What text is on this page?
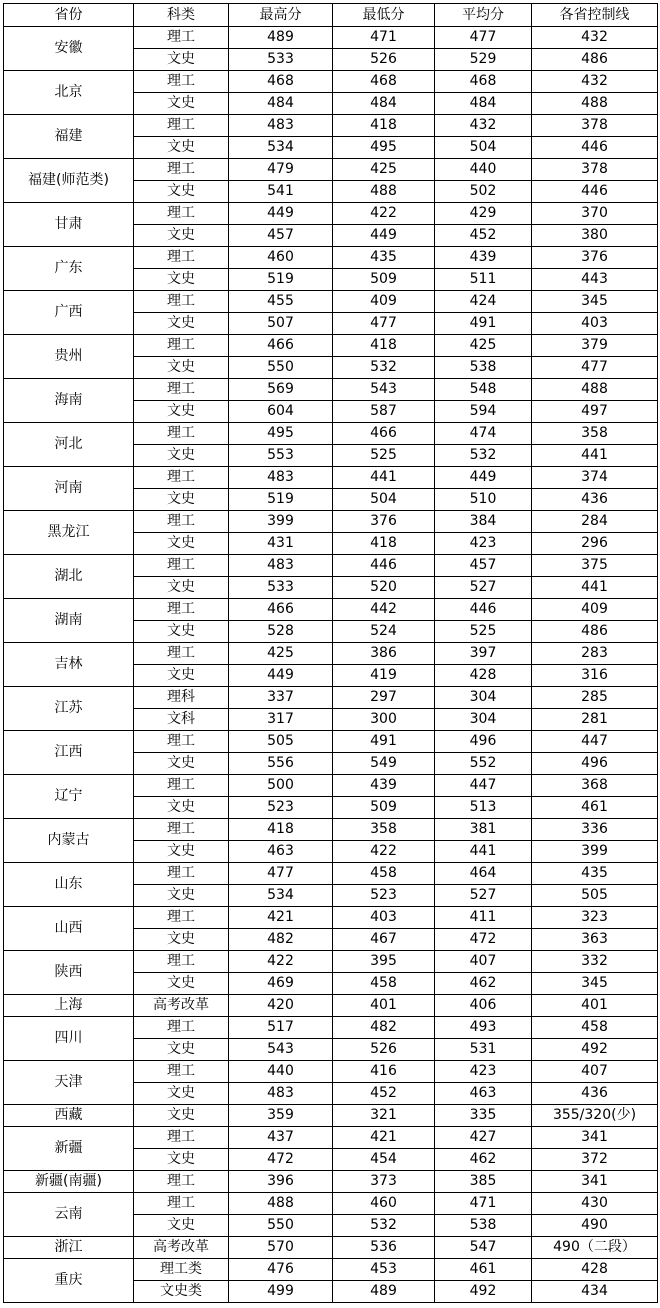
省份	科类	最高分	最低分	平均分	各省控制线
安徽	理工	489	471	477	432
	文史	533	526	529	486
北京	理工	468	468	468	432
	文史	484	484	484	488
福建	理工	483	418	432	378
	文史	534	495	504	446
福建(师范类)	理工	479	425	440	378
	文史	541	488	502	446
甘肃	理工	449	422	429	370
	文史	457	449	452	380
广东	理工	460	435	439	376
	文史	519	509	511	443
广西	理工	455	409	424	345
	文史	507	477	491	403
贵州	理工	466	418	425	379
	文史	550	532	538	477
海南	理工	569	543	548	488
	文史	604	587	594	497
河北	理工	495	466	474	358
	文史	553	525	532	441
河南	理工	483	441	449	374
	文史	519	504	510	436
黑龙江	理工	399	376	384	284
	文史	431	418	423	296
湖北	理工	483	446	457	375
	文史	533	520	527	441
湖南	理工	466	442	446	409
	文史	528	524	525	486
吉林	理工	425	386	397	283
	文史	449	419	428	316
江苏	理科	337	297	304	285
	文科	317	300	304	281
江西	理工	505	491	496	447
	文史	556	549	552	496
辽宁	理工	500	439	447	368
	文史	523	509	513	461
内蒙古	理工	418	358	381	336
	文史	463	422	441	399
山东	理工	477	458	464	435
	文史	534	523	527	505
山西	理工	421	403	411	323
	文史	482	467	472	363
陕西	理工	422	395	407	332
	文史	469	458	462	345
上海	高考改革	420	401	406	401
四川	理工	517	482	493	458
	文史	543	526	531	492
天津	理工	440	416	423	407
	文史	483	452	463	436
西藏	文史	359	321	335	355/320(少)
新疆	理工	437	421	427	341
	文史	472	454	462	372
新疆(南疆)	理工	396	373	385	341
云南	理工	488	460	471	430
	文史	550	532	538	490
浙江	高考改革	570	536	547	490（二段）
重庆	理工类	476	453	461	428
	文史类	499	489	492	434
